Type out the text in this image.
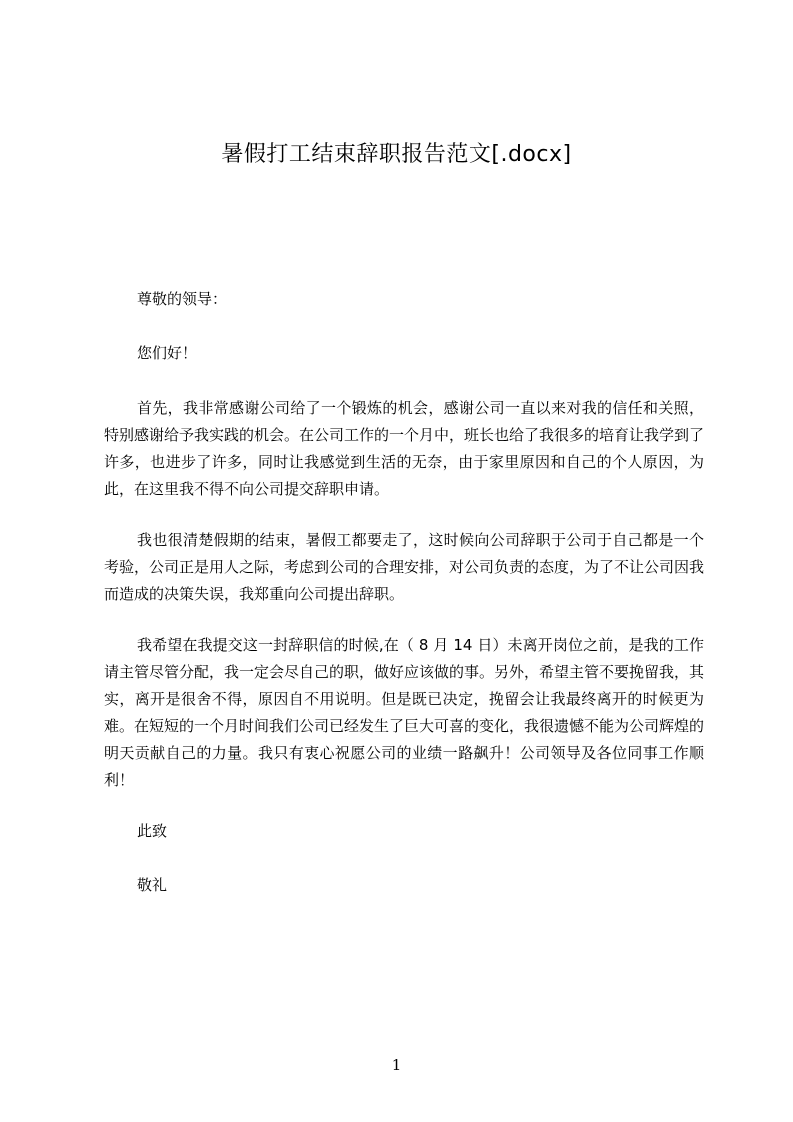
暑假打工结束辞职报告范文[.docx]
尊敬的领导：
您们好！
首先，我非常感谢公司给了一个锻炼的机会，感谢公司一直以来对我的信任和关照，特别感谢给予我实践的机会。在公司工作的一个月中，班长也给了我很多的培育让我学到了许多，也进步了许多，同时让我感觉到生活的无奈，由于家里原因和自己的个人原因，为此，在这里我不得不向公司提交辞职申请。
我也很清楚假期的结束，暑假工都要走了，这时候向公司辞职于公司于自己都是一个考验，公司正是用人之际，考虑到公司的合理安排，对公司负责的态度，为了不让公司因我而造成的决策失误，我郑重向公司提出辞职。
我希望在我提交这一封辞职信的时候,在（ 8 月 14 日）未离开岗位之前，是我的工作请主管尽管分配，我一定会尽自己的职，做好应该做的事。另外，希望主管不要挽留我，其实，离开是很舍不得，原因自不用说明。但是既已决定，挽留会让我最终离开的时候更为难。在短短的一个月时间我们公司已经发生了巨大可喜的变化，我很遗憾不能为公司辉煌的明天贡献自己的力量。我只有衷心祝愿公司的业绩一路飙升！公司领导及各位同事工作顺利！
此致
敬礼
1
